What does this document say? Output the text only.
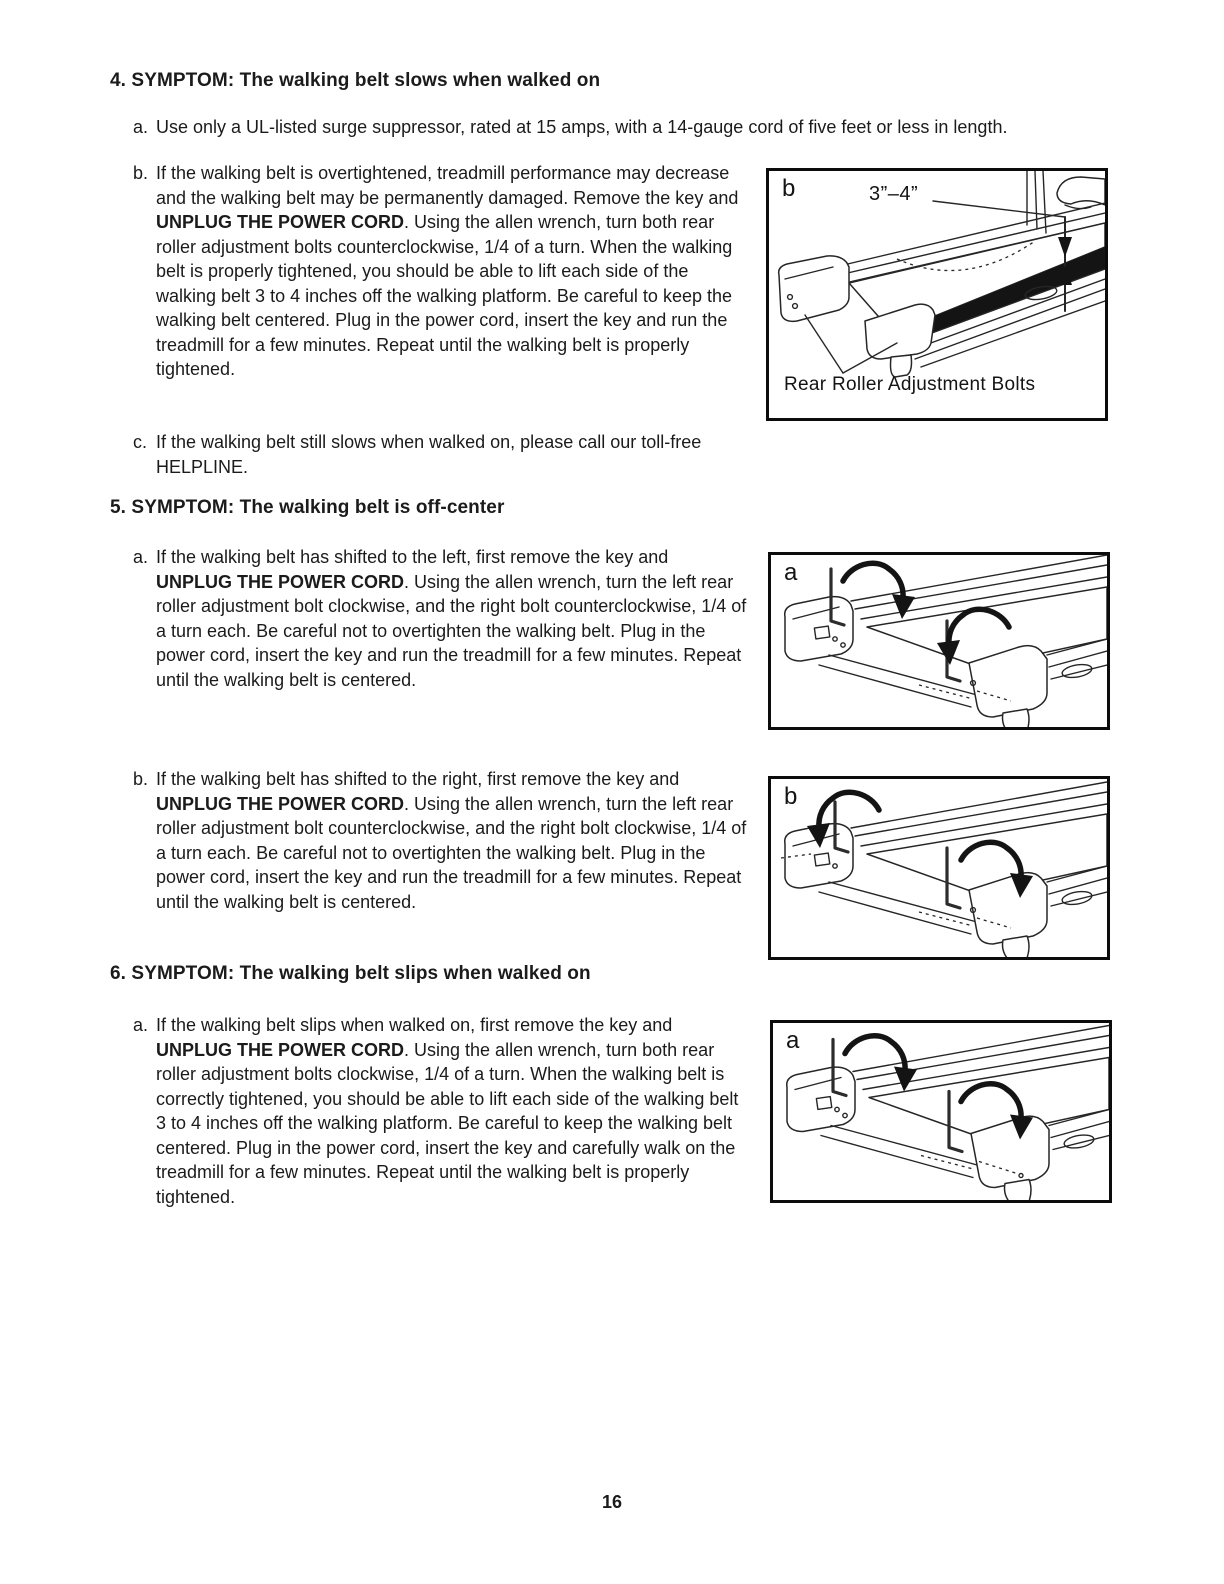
4. SYMPTOM: The walking belt slows when walked on
a. Use only a UL-listed surge suppressor, rated at 15 amps, with a 14-gauge cord of five feet or less in length.
b. If the walking belt is overtightened, treadmill performance may decrease and the walking belt may be permanently damaged. Remove the key and UNPLUG THE POWER CORD. Using the allen wrench, turn both rear roller adjustment bolts counterclockwise, 1/4 of a turn. When the walking belt is properly tightened, you should be able to lift each side of the walking belt 3 to 4 inches off the walking platform. Be careful to keep the walking belt centered. Plug in the power cord, insert the key and run the treadmill for a few minutes. Repeat until the walking belt is properly tightened.
b	3”–4”
Rear Roller Adjustment Bolts
c. If the walking belt still slows when walked on, please call our toll-free HELPLINE.
5. SYMPTOM: The walking belt is off-center
a. If the walking belt has shifted to the left, first remove the key and UNPLUG THE POWER CORD. Using the allen wrench, turn the left rear roller adjustment bolt clockwise, and the right bolt counterclockwise, 1/4 of a turn each. Be careful not to overtighten the walking belt. Plug in the power cord, insert the key and run the treadmill for a few minutes. Repeat until the walking belt is centered.
a
b. If the walking belt has shifted to the right, first remove the key and UNPLUG THE POWER CORD. Using the allen wrench, turn the left rear roller adjustment bolt counterclockwise, and the right bolt clockwise, 1/4 of a turn each. Be careful not to overtighten the walking belt. Plug in the power cord, insert the key and run the treadmill for a few minutes. Repeat until the walking belt is centered.
b
6. SYMPTOM: The walking belt slips when walked on
a. If the walking belt slips when walked on, first remove the key and UNPLUG THE POWER CORD. Using the allen wrench, turn both rear roller adjustment bolts clockwise, 1/4 of a turn. When the walking belt is correctly tightened, you should be able to lift each side of the walking belt 3 to 4 inches off the walking platform. Be careful to keep the walking belt centered. Plug in the power cord, insert the key and carefully walk on the treadmill for a few minutes. Repeat until the walking belt is properly tightened.
a
16
